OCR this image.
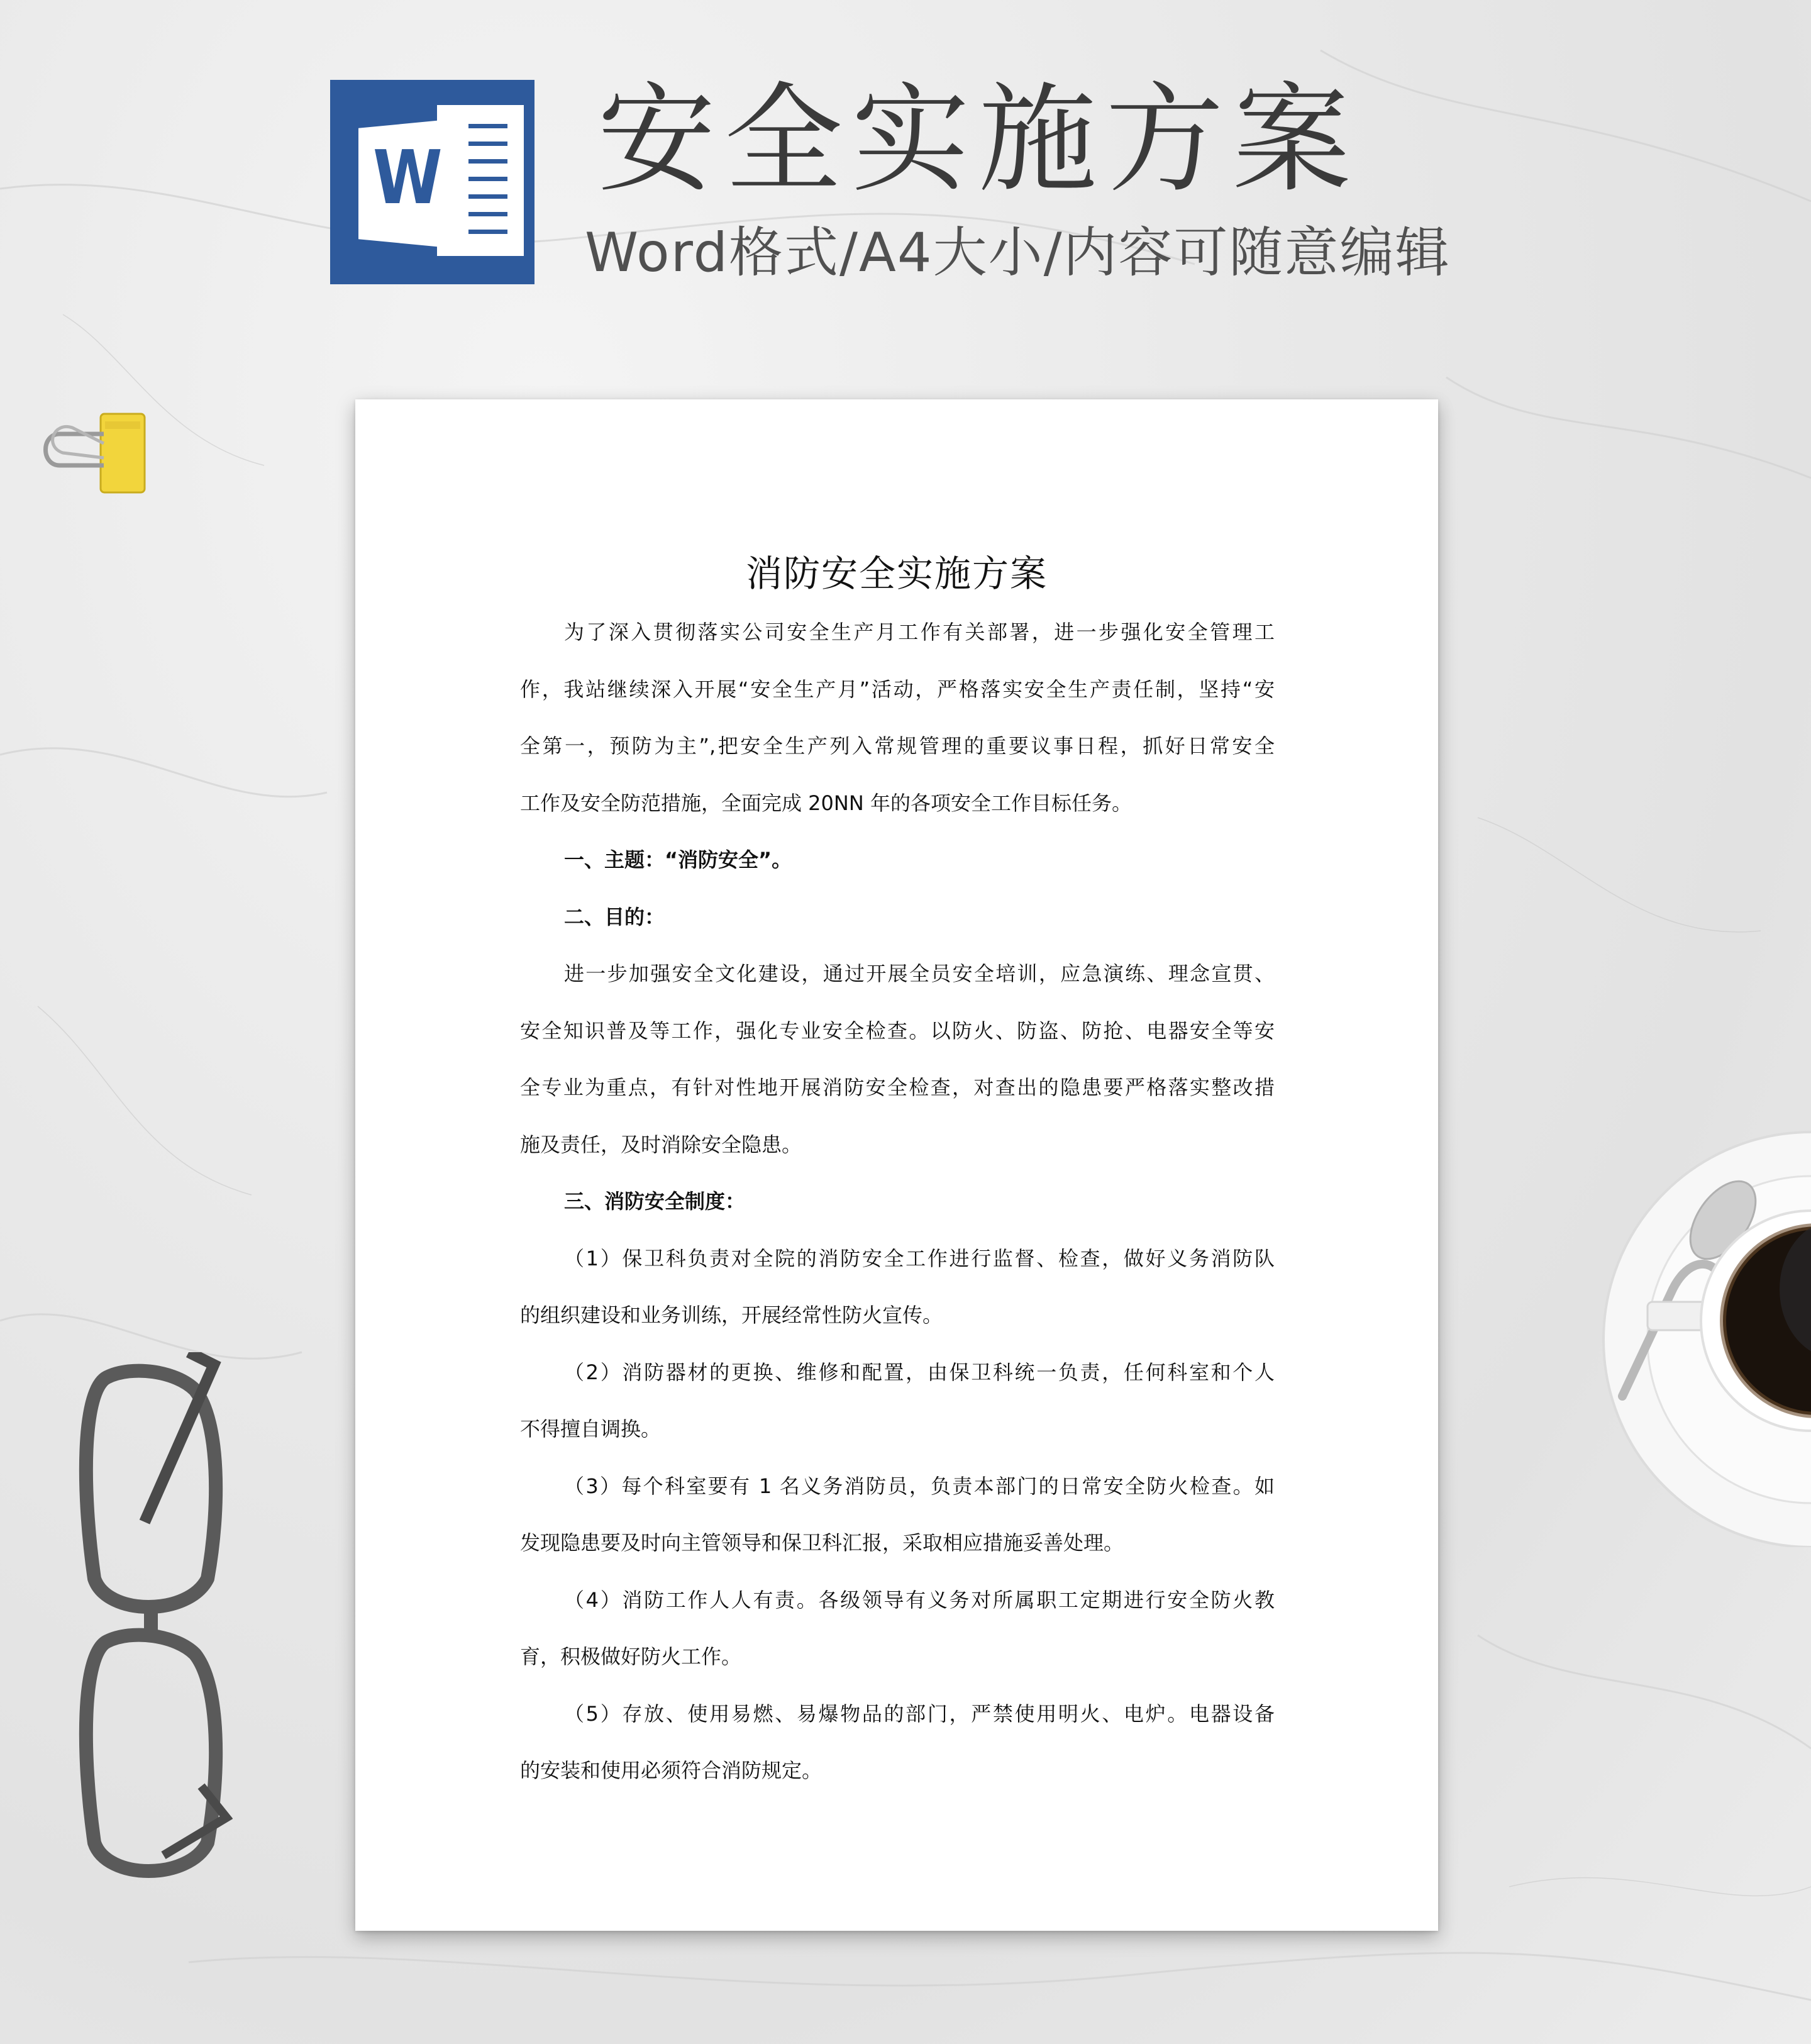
W 安全实施方案
Word格式/A4大小/内容可随意编辑
消防安全实施方案
为了深入贯彻落实公司安全生产月工作有关部署，进一步强化安全管理工
作，我站继续深入开展“安全生产月”活动，严格落实安全生产责任制，坚持“安
全第一，预防为主”,把安全生产列入常规管理的重要议事日程，抓好日常安全
工作及安全防范措施，全面完成 20NN 年的各项安全工作目标任务。
一、主题：“消防安全”。
二、目的：
进一步加强安全文化建设，通过开展全员安全培训，应急演练、理念宣贯、
安全知识普及等工作，强化专业安全检查。以防火、防盗、防抢、电器安全等安
全专业为重点，有针对性地开展消防安全检查，对查出的隐患要严格落实整改措
施及责任，及时消除安全隐患。
三、消防安全制度：
（1）保卫科负责对全院的消防安全工作进行监督、检查，做好义务消防队
的组织建设和业务训练，开展经常性防火宣传。
（2）消防器材的更换、维修和配置，由保卫科统一负责，任何科室和个人
不得擅自调换。
（3）每个科室要有 1 名义务消防员，负责本部门的日常安全防火检查。如
发现隐患要及时向主管领导和保卫科汇报，采取相应措施妥善处理。
（4）消防工作人人有责。各级领导有义务对所属职工定期进行安全防火教
育，积极做好防火工作。
（5）存放、使用易燃、易爆物品的部门，严禁使用明火、电炉。电器设备
的安装和使用必须符合消防规定。
